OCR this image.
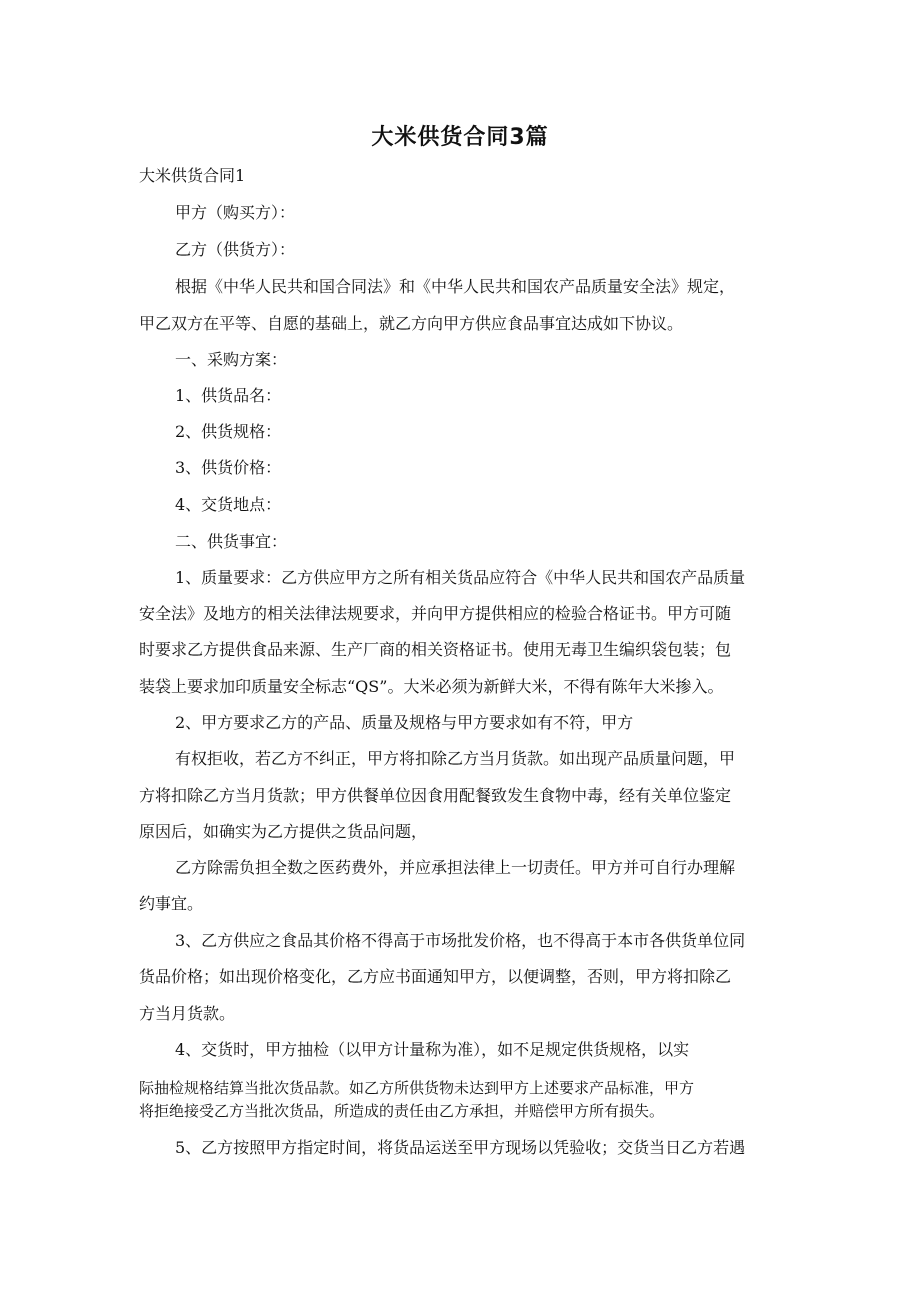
大米供货合同3篇
大米供货合同1
甲方（购买方）：
乙方（供货方）：
根据《中华人民共和国合同法》和《中华人民共和国农产品质量安全法》规定，
甲乙双方在平等、自愿的基础上，就乙方向甲方供应食品事宜达成如下协议。
一、采购方案：
1、供货品名：
2、供货规格：
3、供货价格：
4、交货地点：
二、供货事宜：
1、质量要求：乙方供应甲方之所有相关货品应符合《中华人民共和国农产品质量
安全法》及地方的相关法律法规要求，并向甲方提供相应的检验合格证书。甲方可随
时要求乙方提供食品来源、生产厂商的相关资格证书。使用无毒卫生编织袋包装；包
装袋上要求加印质量安全标志“QS”。大米必须为新鲜大米，不得有陈年大米掺入。
2、甲方要求乙方的产品、质量及规格与甲方要求如有不符，甲方
有权拒收，若乙方不纠正，甲方将扣除乙方当月货款。如出现产品质量问题，甲
方将扣除乙方当月货款；甲方供餐单位因食用配餐致发生食物中毒，经有关单位鉴定
原因后，如确实为乙方提供之货品问题，
乙方除需负担全数之医药费外，并应承担法律上一切责任。甲方并可自行办理解
约事宜。
3、乙方供应之食品其价格不得高于市场批发价格，也不得高于本市各供货单位同
货品价格；如出现价格变化，乙方应书面通知甲方，以便调整，否则，甲方将扣除乙
方当月货款。
4、交货时，甲方抽检（以甲方计量称为准），如不足规定供货规格，以实
际抽检规格结算当批次货品款。如乙方所供货物未达到甲方上述要求产品标准，甲方
将拒绝接受乙方当批次货品，所造成的责任由乙方承担，并赔偿甲方所有损失。
5、乙方按照甲方指定时间，将货品运送至甲方现场以凭验收；交货当日乙方若遇
